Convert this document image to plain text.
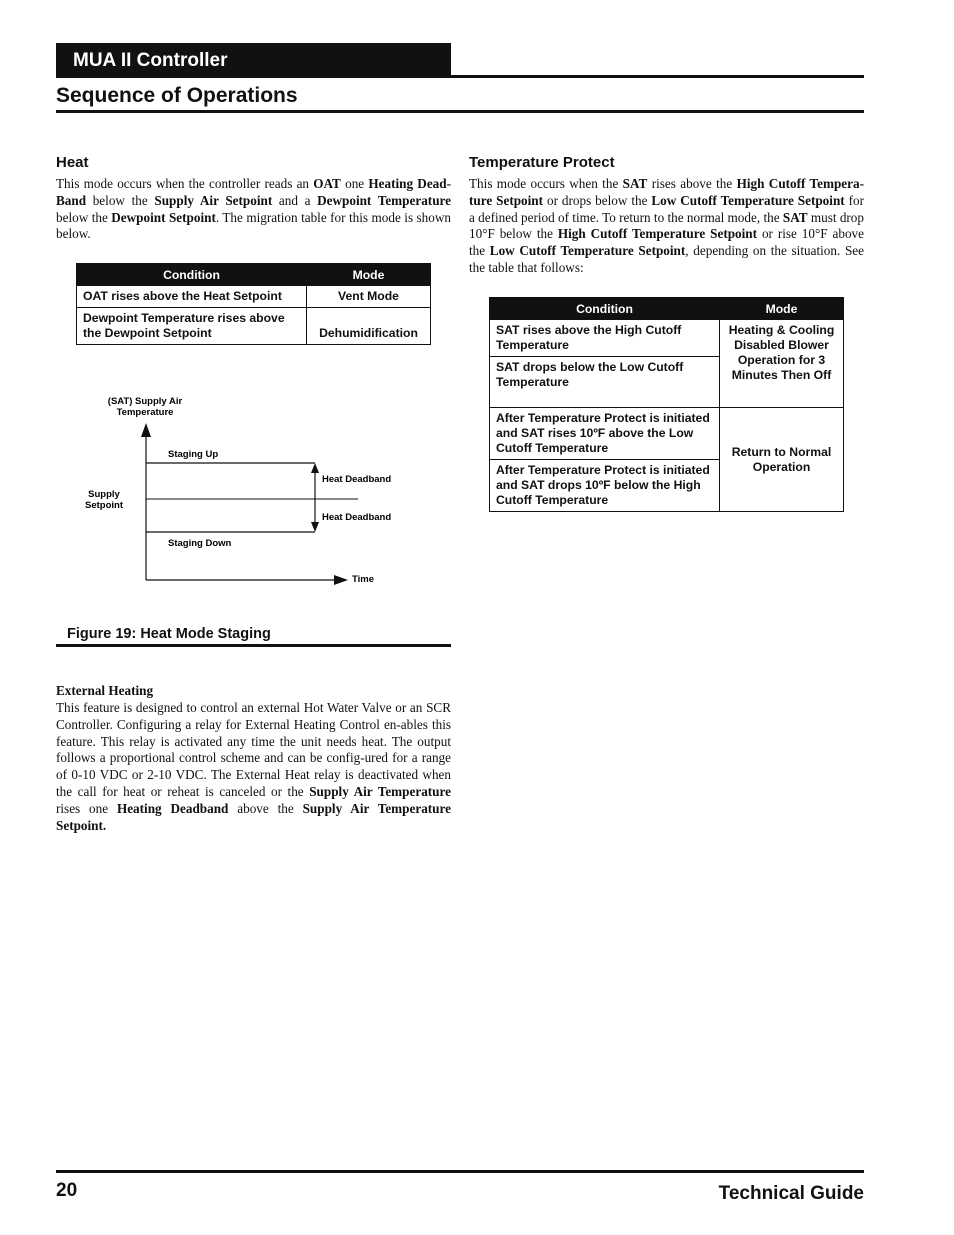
MUA II Controller
Sequence of Operations
Heat

This mode occurs when the controller reads an OAT one Heating Dead-Band below the Supply Air Setpoint and a Dewpoint Temperature below the Dewpoint Setpoint. The migration table for this mode is shown below.

Condition	Mode
OAT rises above the Heat Setpoint	Vent Mode
Dewpoint Temperature rises above the Dewpoint Setpoint	Dehumidification
(SAT) Supply Air
Temperature
Staging Up
Heat Deadband
Supply
Setpoint
Heat Deadband
Staging Down
Time
Figure 19: Heat Mode Staging
External Heating

This feature is designed to control an external Hot Water Valve or an SCR Controller. Configuring a relay for External Heating Control en-ables this feature. This relay is activated any time the unit needs heat. The output follows a proportional control scheme and can be config-ured for a range of 0-10 VDC or 2-10 VDC. The External Heat relay is deactivated when the call for heat or reheat is canceled or the Supply Air Temperature rises one Heating Deadband above the Supply Air Temperature Setpoint.

Temperature Protect

This mode occurs when the SAT rises above the High Cutoff Tempera-ture Setpoint or drops below the Low Cutoff Temperature Setpoint for a defined period of time. To return to the normal mode, the SAT must drop 10°F below the High Cutoff Temperature Setpoint or rise 10°F above the Low Cutoff Temperature Setpoint, depending on the situation. See the table that follows:

Condition	Mode
SAT rises above the High Cutoff Temperature	Heating & Cooling Disabled Blower Operation for 3 Minutes Then Off
SAT drops below the Low Cutoff Temperature	
After Temperature Protect is initiated and SAT rises 10ºF above the Low Cutoff Temperature	Return to Normal Operation
After Temperature Protect is initiated and SAT drops 10ºF below the High Cutoff Temperature	
20	Technical Guide
